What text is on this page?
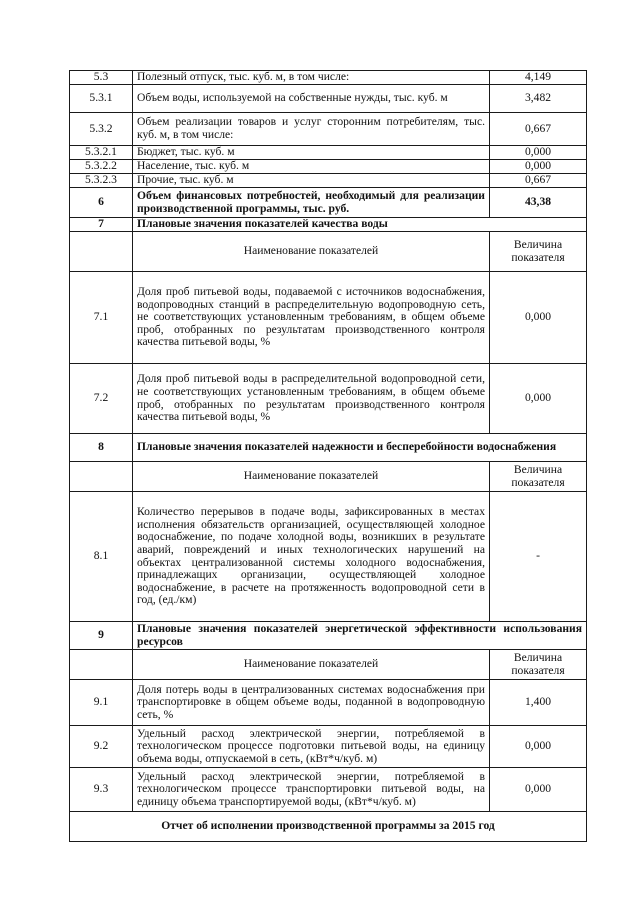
5.3	Полезный отпуск, тыс. куб. м, в том числе:	4,149
5.3.1	Объем воды, используемой на собственные нужды, тыс. куб. м	3,482
5.3.2	Объем реализации товаров и услуг сторонним потребителям, тыс. куб. м, в том числе:	0,667
5.3.2.1	Бюджет, тыс. куб. м	0,000
5.3.2.2	Население, тыс. куб. м	0,000
5.3.2.3	Прочие, тыс. куб. м	0,667
6	Объем финансовых потребностей, необходимый для реализации производственной программы, тыс. руб.	43,38
7	Плановые значения показателей качества воды	
	Наименование показателей	Величина показателя
7.1	Доля проб питьевой воды, подаваемой с источников водоснабжения, водопроводных станций в распределительную водопроводную сеть, не соответствующих установленным требованиям, в общем объеме проб, отобранных по результатам производственного контроля качества питьевой воды, %	0,000
7.2	Доля проб питьевой воды в распределительной водопроводной сети, не соответствующих установленным требованиям, в общем объеме проб, отобранных по результатам производственного контроля качества питьевой воды, %	0,000
8	Плановые значения показателей надежности и бесперебойности водоснабжения	
	Наименование показателей	Величина показателя
8.1	Количество перерывов в подаче воды, зафиксированных в местах исполнения обязательств организацией, осуществляющей холодное водоснабжение, по подаче холодной воды, возникших в результате аварий, повреждений и иных технологических нарушений на объектах централизованной системы холодного водоснабжения, принадлежащих организации, осуществляющей холодное водоснабжение, в расчете на протяженность водопроводной сети в год, (ед./км)	-
9	Плановые значения показателей энергетической эффективности использования ресурсов	
	Наименование показателей	Величина показателя
9.1	Доля потерь воды в централизованных системах водоснабжения при транспортировке в общем объеме воды, поданной в водопроводную сеть, %	1,400
9.2	Удельный расход электрической энергии, потребляемой в технологическом процессе подготовки питьевой воды, на единицу объема воды, отпускаемой в сеть, (кВт*ч/куб. м)	0,000
9.3	Удельный расход электрической энергии, потребляемой в технологическом процессе транспортировки питьевой воды, на единицу объема транспортируемой воды, (кВт*ч/куб. м)	0,000
Отчет об исполнении производственной программы за 2015 год		
